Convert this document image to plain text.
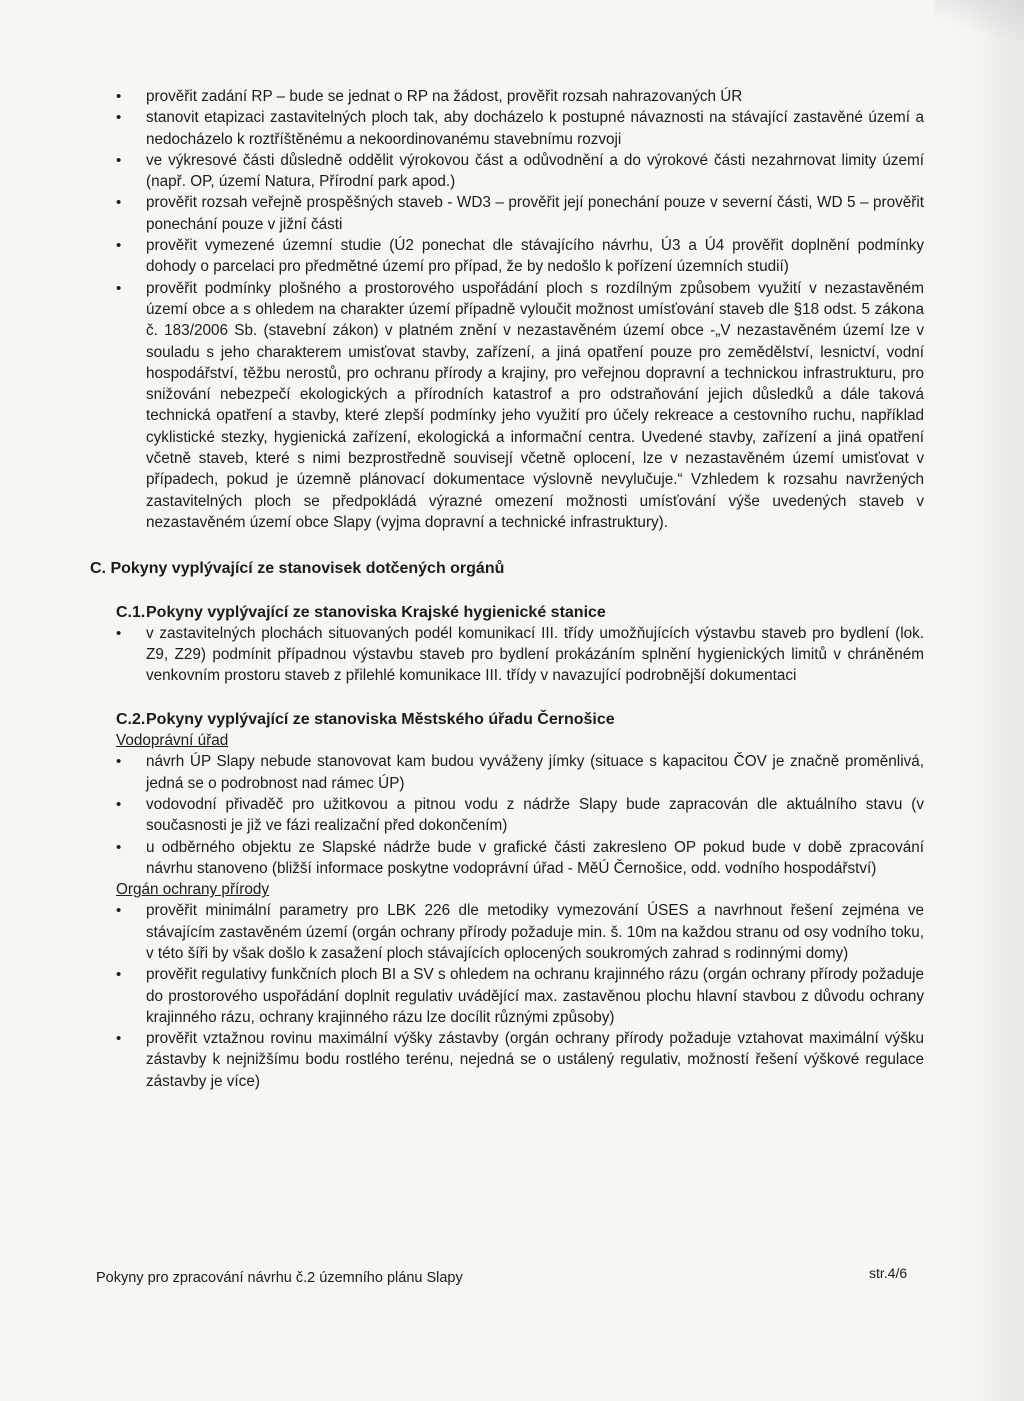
• prověřit zadání RP – bude se jednat o RP na žádost, prověřit rozsah nahrazovaných ÚR
• stanovit etapizaci zastavitelných ploch tak, aby docházelo k postupné návaznosti na stávající zastavěné území a nedocházelo k roztříštěnému a nekoordinovanému stavebnímu rozvoji
• ve výkresové části důsledně oddělit výrokovou část a odůvodnění a do výrokové části nezahrnovat limity území (např. OP, území Natura, Přírodní park apod.)
• prověřit rozsah veřejně prospěšných staveb - WD3 – prověřit její ponechání pouze v severní části, WD 5 – prověřit ponechání pouze v jižní části
• prověřit vymezené územní studie (Ú2 ponechat dle stávajícího návrhu, Ú3 a Ú4 prověřit doplnění podmínky dohody o parcelaci pro předmětné území pro případ, že by nedošlo k pořízení územních studií)
• prověřit podmínky plošného a prostorového uspořádání ploch s rozdílným způsobem využití v nezastavěném území obce a s ohledem na charakter území případně vyloučit možnost umísťování staveb dle §18 odst. 5 zákona č. 183/2006 Sb. (stavební zákon) v platném znění v nezastavěném území obce -„V nezastavěném území lze v souladu s jeho charakterem umisťovat stavby, zařízení, a jiná opatření pouze pro zemědělství, lesnictví, vodní hospodářství, těžbu nerostů, pro ochranu přírody a krajiny, pro veřejnou dopravní a technickou infrastrukturu, pro snižování nebezpečí ekologických a přírodních katastrof a pro odstraňování jejich důsledků a dále taková technická opatření a stavby, které zlepší podmínky jeho využití pro účely rekreace a cestovního ruchu, například cyklistické stezky, hygienická zařízení, ekologická a informační centra. Uvedené stavby, zařízení a jiná opatření včetně staveb, které s nimi bezprostředně souvisejí včetně oplocení, lze v nezastavěném území umisťovat v případech, pokud je územně plánovací dokumentace výslovně nevylučuje.“ Vzhledem k rozsahu navržených zastavitelných ploch se předpokládá výrazné omezení možnosti umísťování výše uvedených staveb v nezastavěném území obce Slapy (vyjma dopravní a technické infrastruktury).
C. Pokyny vyplývající ze stanovisek dotčených orgánů
C.1.Pokyny vyplývající ze stanoviska Krajské hygienické stanice
• v zastavitelných plochách situovaných podél komunikací III. třídy umožňujících výstavbu staveb pro bydlení (lok. Z9, Z29) podmínit případnou výstavbu staveb pro bydlení prokázáním splnění hygienických limitů v chráněném venkovním prostoru staveb z přilehlé komunikace III. třídy v navazující podrobnější dokumentaci
C.2.Pokyny vyplývající ze stanoviska Městského úřadu Černošice
Vodoprávní úřad
• návrh ÚP Slapy nebude stanovovat kam budou vyváženy jímky (situace s kapacitou ČOV je značně proměnlivá, jedná se o podrobnost nad rámec ÚP)
• vodovodní přivaděč pro užitkovou a pitnou vodu z nádrže Slapy bude zapracován dle aktuálního stavu (v současnosti je již ve fázi realizační před dokončením)
• u odběrného objektu ze Slapské nádrže bude v grafické části zakresleno OP pokud bude v době zpracování návrhu stanoveno (bližší informace poskytne vodoprávní úřad - MěÚ Černošice, odd. vodního hospodářství)
Orgán ochrany přírody
• prověřit minimální parametry pro LBK 226 dle metodiky vymezování ÚSES a navrhnout řešení zejména ve stávajícím zastavěném území (orgán ochrany přírody požaduje min. š. 10m na každou stranu od osy vodního toku, v této šíři by však došlo k zasažení ploch stávajících oplocených soukromých zahrad s rodinnými domy)
• prověřit regulativy funkčních ploch BI a SV s ohledem na ochranu krajinného rázu (orgán ochrany přírody požaduje do prostorového uspořádání doplnit regulativ uvádějící max. zastavěnou plochu hlavní stavbou z důvodu ochrany krajinného rázu, ochrany krajinného rázu lze docílit různými způsoby)
• prověřit vztažnou rovinu maximální výšky zástavby (orgán ochrany přírody požaduje vztahovat maximální výšku zástavby k nejnižšímu bodu rostlého terénu, nejedná se o ustálený regulativ, možností řešení výškové regulace zástavby je více)
Pokyny pro zpracování návrhu č.2 územního plánu Slapy	str.4/6
